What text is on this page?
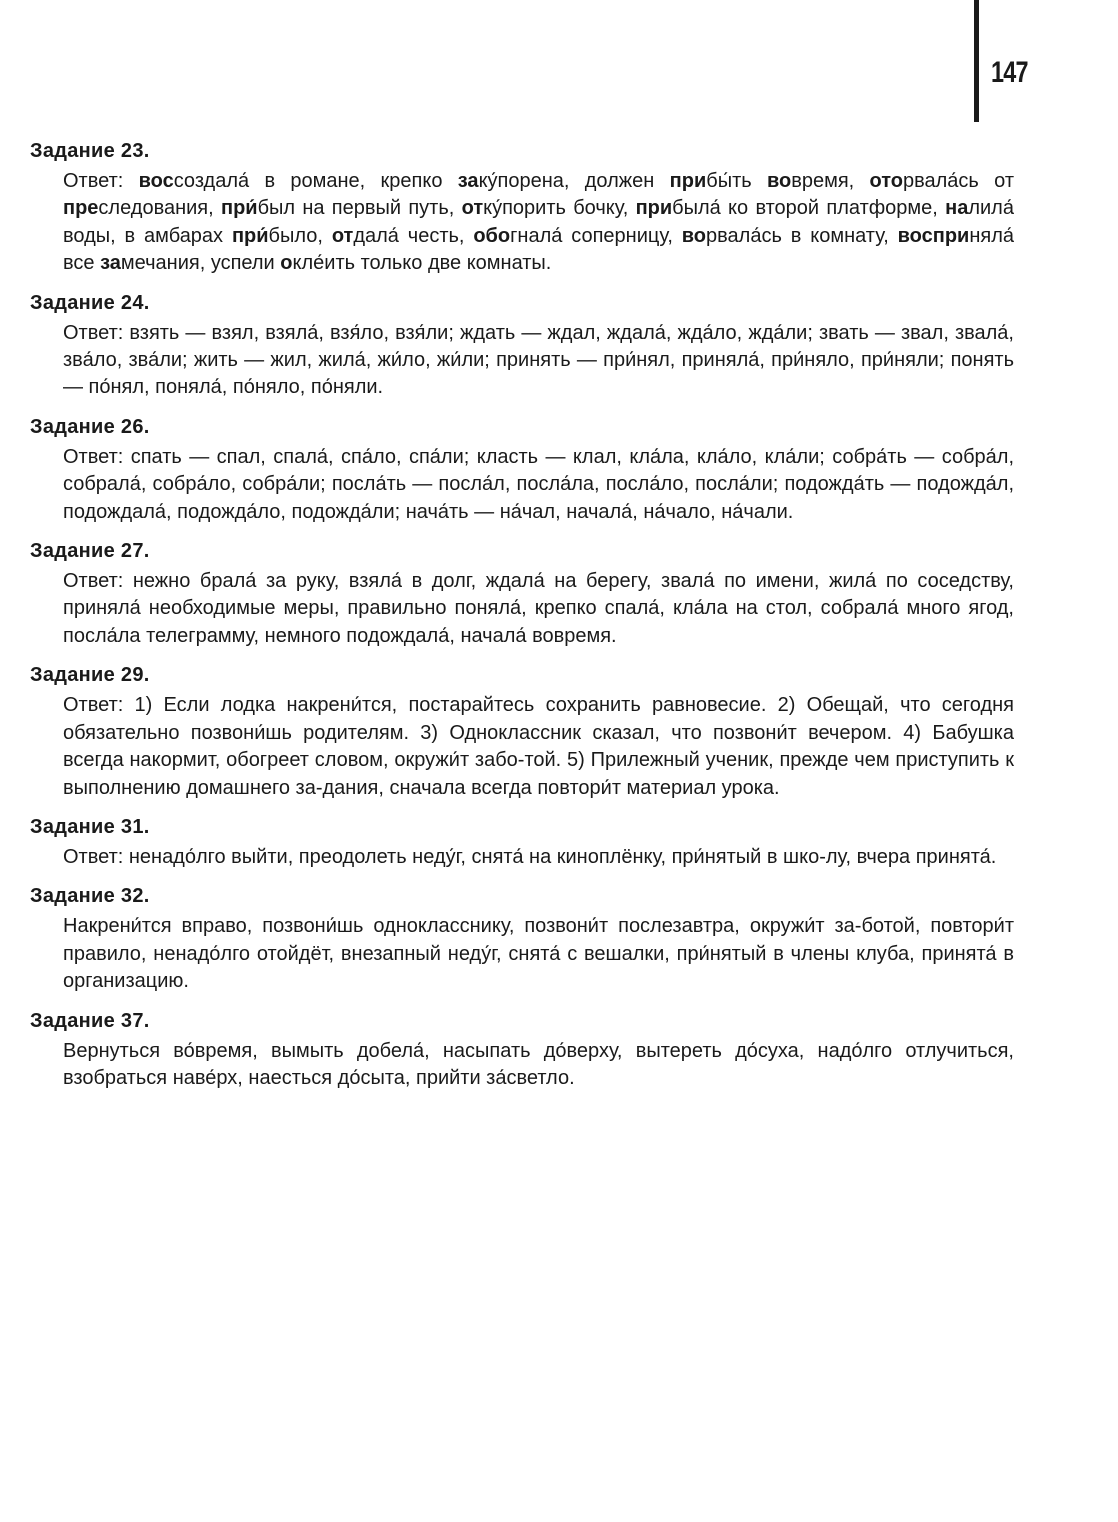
147
Задание 23.
Ответ: воссоздала́ в романе, крепко заку́порена, должен прибы́ть вовремя, оторвала́сь от преследования, при́был на первый путь, отку́порить бочку, прибыла́ ко второй платформе, налила́ воды, в амбарах при́было, отдала́ честь, обогнала́ соперницу, ворвала́сь в комнату, восприняла́ все замечания, успели окле́ить только две комнаты.
Задание 24.
Ответ: взять — взял, взяла́, взя́ло, взя́ли; ждать — ждал, ждала́, жда́ло, жда́ли; звать — звал, звала́, зва́ло, зва́ли; жить — жил, жила́, жи́ло, жи́ли; принять — при́нял, приняла́, при́няло, при́няли; понять — по́нял, поняла́, по́няло, по́няли.
Задание 26.
Ответ: спать — спал, спала́, спа́ло, спа́ли; класть — клал, кла́ла, кла́ло, кла́ли; собра́ть — собра́л, собрала́, собра́ло, собра́ли; посла́ть — посла́л, посла́ла, посла́ло, посла́ли; подожда́ть — подожда́л, подождала́, подожда́ло, подожда́ли; нача́ть — на́чал, начала́, на́чало, на́чали.
Задание 27.
Ответ: нежно брала́ за руку, взяла́ в долг, ждала́ на берегу, звала́ по имени, жила́ по соседству, приняла́ необходимые меры, правильно поняла́, крепко спала́, кла́ла на стол, собрала́ много ягод, посла́ла телеграмму, немного подождала́, начала́ вовремя.
Задание 29.
Ответ: 1) Если лодка накрени́тся, постарайтесь сохранить равновесие. 2) Обещай, что сегодня обязательно позвони́шь родителям. 3) Одноклассник сказал, что позвони́т вечером. 4) Бабушка всегда накормит, обогреет словом, окружи́т забо-той. 5) Прилежный ученик, прежде чем приступить к выполнению домашнего за-дания, сначала всегда повтори́т материал урока.
Задание 31.
Ответ: ненадо́лго выйти, преодолеть неду́г, снята́ на киноплёнку, при́нятый в шко-лу, вчера принята́.
Задание 32.
Накрени́тся вправо, позвони́шь однокласснику, позвони́т послезавтра, окружи́т за-ботой, повтори́т правило, ненадо́лго отойдёт, внезапный неду́г, снята́ с вешалки, при́нятый в члены клуба, принята́ в организацию.
Задание 37.
Вернуться во́время, вымыть добела́, насыпать до́верху, вытереть до́суха, надо́лго отлучиться, взобраться наве́рх, наесться до́сыта, прийти за́светло.
